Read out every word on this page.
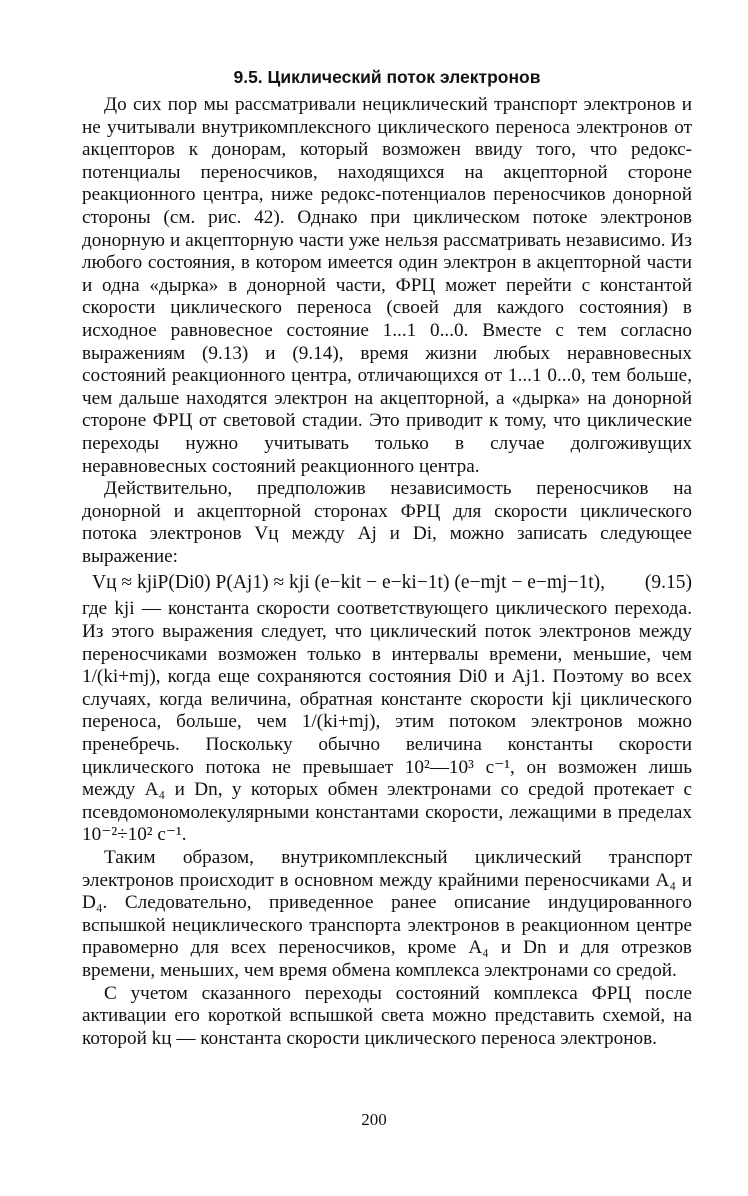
9.5. Циклический поток электронов

До сих пор мы рассматривали нециклический транспорт электронов и не учитывали внутрикомплексного циклического переноса электронов от акцепторов к донорам, который возможен ввиду того, что редокс-потенциалы переносчиков, находящихся на акцепторной стороне реакционного центра, ниже редокс-потенциалов переносчиков донорной стороны (см. рис. 42). Однако при циклическом потоке электронов донорную и акцепторную части уже нельзя рассматривать независимо. Из любого состояния, в котором имеется один электрон в акцепторной части и одна «дырка» в донорной части, ФРЦ может перейти с константой скорости циклического переноса (своей для каждого состояния) в исходное равновесное состояние 1...1 0...0. Вместе с тем согласно выражениям (9.13) и (9.14), время жизни любых неравновесных состояний реакционного центра, отличающихся от 1...1 0...0, тем больше, чем дальше находятся электрон на акцепторной, а «дырка» на донорной стороне ФРЦ от световой стадии. Это приводит к тому, что циклические переходы нужно учитывать только в случае долгоживущих неравновесных состояний реакционного центра.

Действительно, предположив независимость переносчиков на донорной и акцепторной сторонах ФРЦ для скорости циклического потока электронов Vц между Aj и Di, можно записать следующее выражение:

Vц ≈ kjiP(Di0) P(Aj1) ≈ kji (e−kit − e−ki−1t) (e−mjt − e−mj−1t), (9.15)

где kji — константа скорости соответствующего циклического перехода. Из этого выражения следует, что циклический поток электронов между переносчиками возможен только в интервалы времени, меньшие, чем 1/(ki+mj), когда еще сохраняются состояния Di0 и Aj1. Поэтому во всех случаях, когда величина, обратная константе скорости kji циклического переноса, больше, чем 1/(ki+mj), этим потоком электронов можно пренебречь. Поскольку обычно величина константы скорости циклического потока не превышает 10²—10³ с⁻¹, он возможен лишь между A₄ и Dn, у которых обмен электронами со средой протекает с псевдомономолекулярными константами скорости, лежащими в пределах 10⁻²÷10² с⁻¹.

Таким образом, внутрикомплексный циклический транспорт электронов происходит в основном между крайними переносчиками A₄ и D₄. Следовательно, приведенное ранее описание индуцированного вспышкой нециклического транспорта электронов в реакционном центре правомерно для всех переносчиков, кроме A₄ и Dn и для отрезков времени, меньших, чем время обмена комплекса электронами со средой.

С учетом сказанного переходы состояний комплекса ФРЦ после активации его короткой вспышкой света можно представить схемой, на которой kц — константа скорости циклического переноса электронов.

200
